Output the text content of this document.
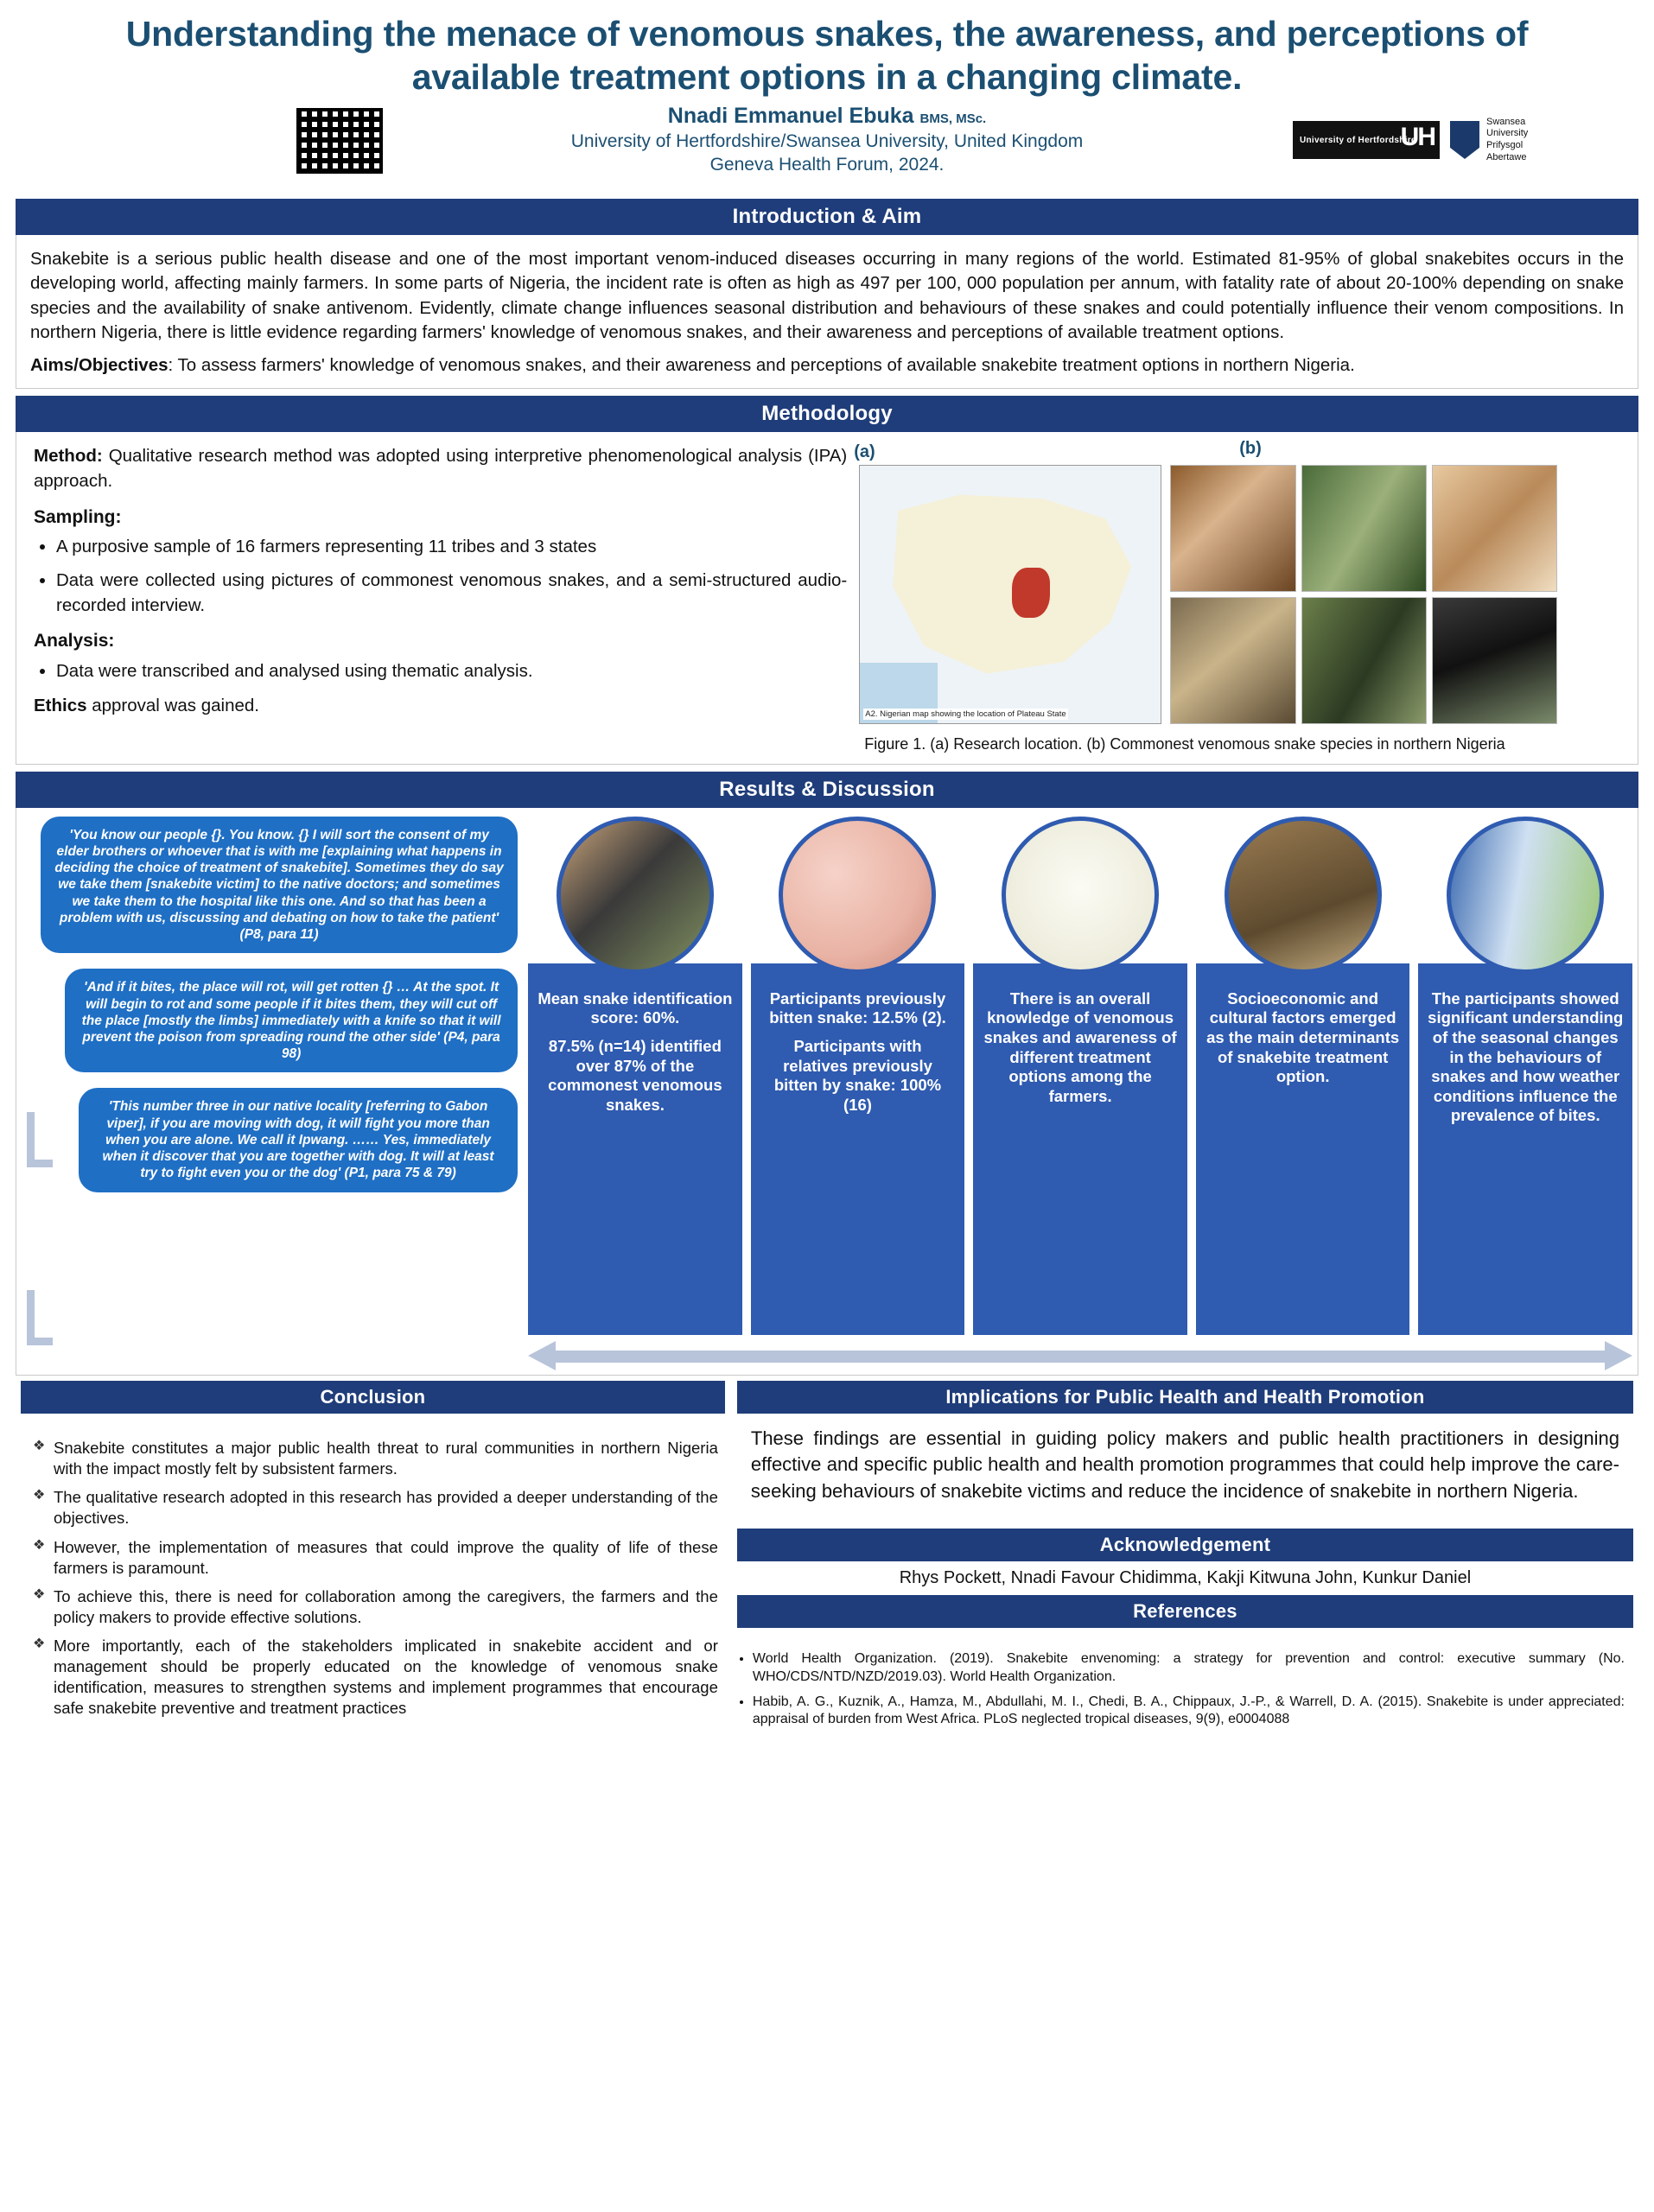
Understanding the menace of venomous snakes, the awareness, and perceptions of available treatment options in a changing climate.
Nnadi Emmanuel Ebuka BMS, MSc.
University of Hertfordshire/Swansea University, United Kingdom
Geneva Health Forum, 2024.
University of Hertfordshire
UH
Swansea
University
Prifysgol
Abertawe
Introduction & Aim
Snakebite is a serious public health disease and one of the most important venom-induced diseases occurring in many regions of the world. Estimated 81-95% of global snakebites occurs in the developing world, affecting mainly farmers. In some parts of Nigeria, the incident rate is often as high as 497 per 100, 000 population per annum, with fatality rate of about 20-100% depending on snake species and the availability of snake antivenom. Evidently, climate change influences seasonal distribution and behaviours of these snakes and could potentially influence their venom compositions. In northern Nigeria, there is little evidence regarding farmers' knowledge of venomous snakes, and their awareness and perceptions of available treatment options.
Aims/Objectives: To assess farmers' knowledge of venomous snakes, and their awareness and perceptions of available snakebite treatment options in northern Nigeria.
Methodology

Method: Qualitative research method was adopted using interpretive phenomenological analysis (IPA) approach.

Sampling:
• A purposive sample of 16 farmers representing 11 tribes and 3 states
• Data were collected using pictures of commonest venomous snakes, and a semi-structured audio-recorded interview.
Analysis:
• Data were transcribed and analysed using thematic analysis.

Ethics approval was gained.

(a)	(b)
A2. Nigerian map showing the location of Plateau State
Figure 1. (a) Research location. (b) Commonest venomous snake species in northern Nigeria
Results & Discussion
'You know our people {}. You know. {} I will sort the consent of my elder brothers or whoever that is with me [explaining what happens in deciding the choice of treatment of snakebite]. Sometimes they do say we take them [snakebite victim] to the native doctors; and sometimes we take them to the hospital like this one. And so that has been a problem with us, discussing and debating on how to take the patient' (P8, para 11)
'And if it bites, the place will rot, will get rotten {} … At the spot. It will begin to rot and some people if it bites them, they will cut off the place [mostly the limbs] immediately with a knife so that it will prevent the poison from spreading round the other side' (P4, para 98)
'This number three in our native locality [referring to Gabon viper], if you are moving with dog, it will fight you more than when you are alone. We call it Ipwang. …… Yes, immediately when it discover that you are together with dog. It will at least try to fight even you or the dog' (P1, para 75 & 79)

Mean snake identification score: 60%.

87.5% (n=14) identified over 87% of the commonest venomous snakes.

Participants previously bitten snake: 12.5% (2).

Participants with relatives previously bitten by snake: 100% (16)

There is an overall knowledge of venomous snakes and awareness of different treatment options among the farmers.

Socioeconomic and cultural factors emerged as the main determinants of snakebite treatment option.

The participants showed significant understanding of the seasonal changes in the behaviours of snakes and how weather conditions influence the prevalence of bites.

Conclusion
❖ Snakebite constitutes a major public health threat to rural communities in northern Nigeria with the impact mostly felt by subsistent farmers.
❖ The qualitative research adopted in this research has provided a deeper understanding of the objectives.
❖ However, the implementation of measures that could improve the quality of life of these farmers is paramount.
❖ To achieve this, there is need for collaboration among the caregivers, the farmers and the policy makers to provide effective solutions.
❖ More importantly, each of the stakeholders implicated in snakebite accident and or management should be properly educated on the knowledge of venomous snake identification, measures to strengthen systems and implement programmes that encourage safe snakebite preventive and treatment practices
Implications for Public Health and Health Promotion
These findings are essential in guiding policy makers and public health practitioners in designing effective and specific public health and health promotion programmes that could help improve the care-seeking behaviours of snakebite victims and reduce the incidence of snakebite in northern Nigeria.
Acknowledgement
Rhys Pockett, Nnadi Favour Chidimma, Kakji Kitwuna John, Kunkur Daniel
References
• World Health Organization. (2019). Snakebite envenoming: a strategy for prevention and control: executive summary (No. WHO/CDS/NTD/NZD/2019.03). World Health Organization.
• Habib, A. G., Kuznik, A., Hamza, M., Abdullahi, M. I., Chedi, B. A., Chippaux, J.-P., & Warrell, D. A. (2015). Snakebite is under appreciated: appraisal of burden from West Africa. PLoS neglected tropical diseases, 9(9), e0004088
